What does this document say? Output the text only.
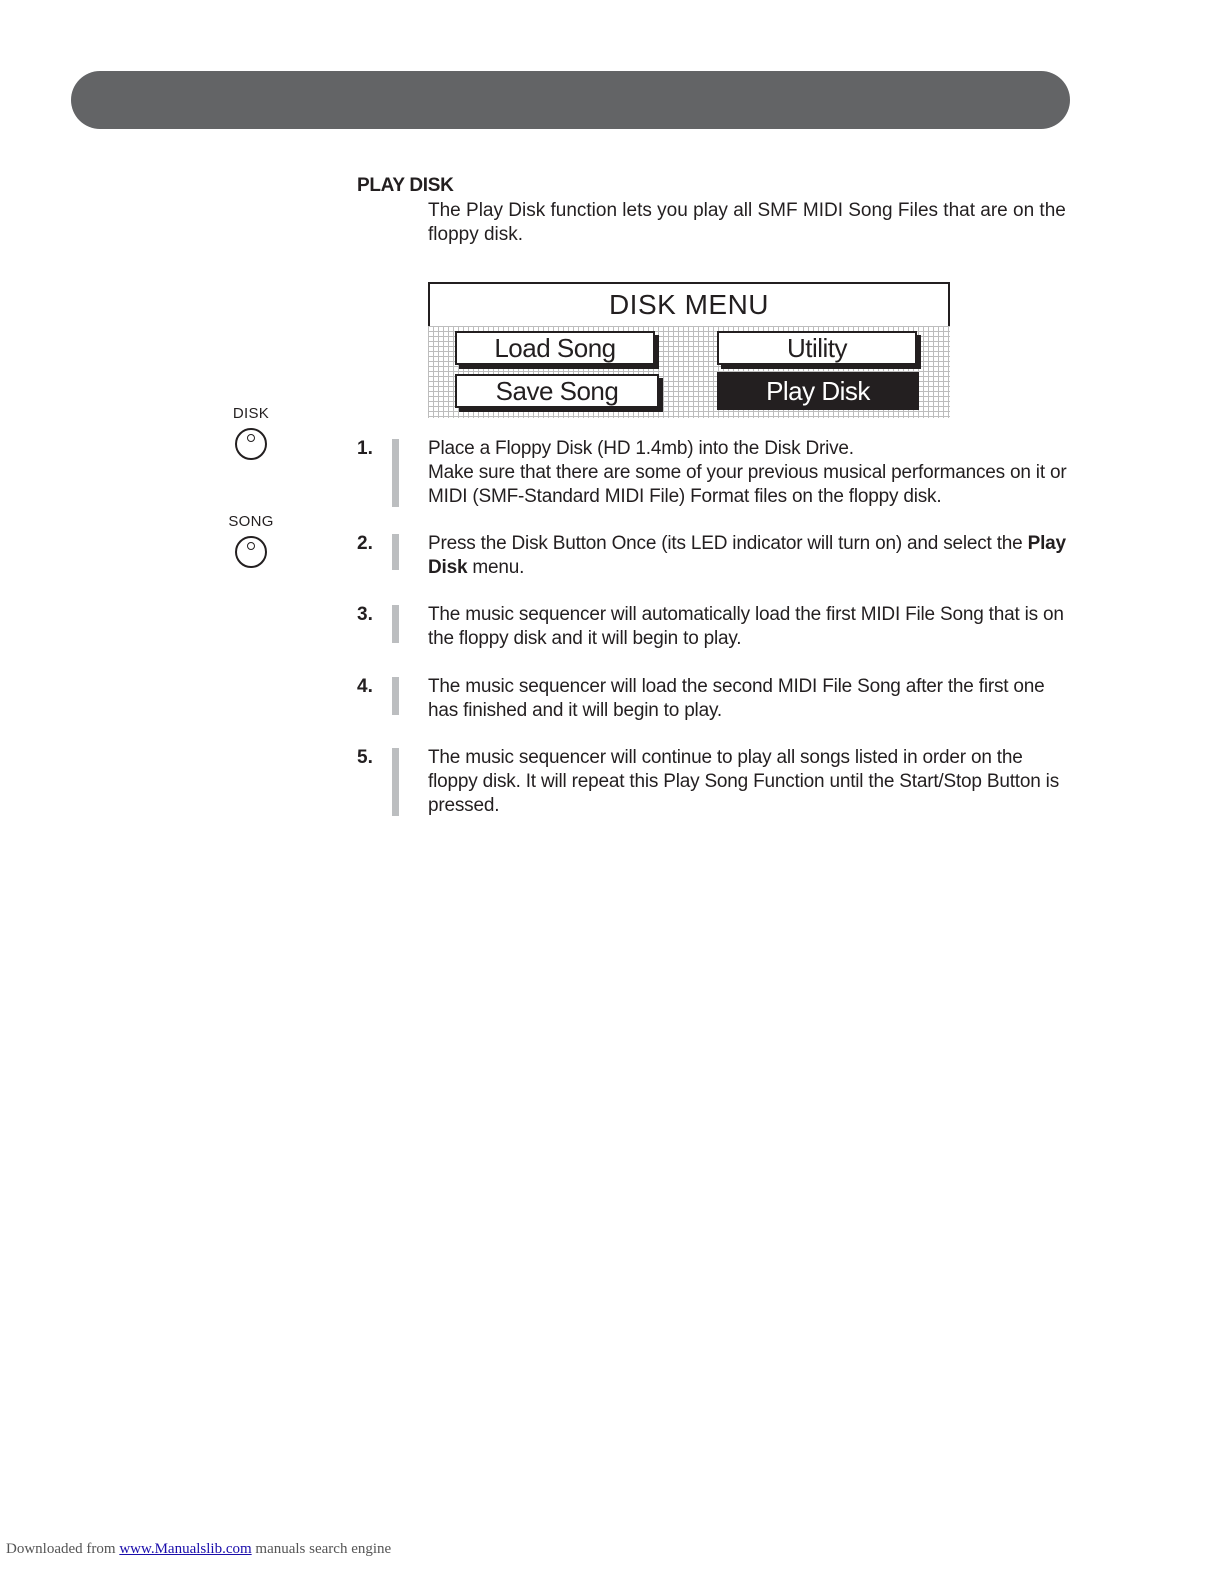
PLAY DISK

The Play Disk function lets you play all SMF MIDI Song Files that are on the floppy disk.

DISK MENU
Load Song	Utility
Save Song	Play Disk
DISK
SONG
1.	Place a Floppy Disk (HD 1.4mb) into the Disk Drive.
Make sure that there are some of your previous musical performances on it or MIDI (SMF-Standard MIDI File) Format files on the floppy disk.
2.	Press the Disk Button Once (its LED indicator will turn on) and select the Play Disk menu.
3.	The music sequencer will automatically load the first MIDI File Song that is on the floppy disk and it will begin to play.
4.	The music sequencer will load the second MIDI File Song after the first one has finished and it will begin to play.
5.	The music sequencer will continue to play all songs listed in order on the floppy disk. It will repeat this Play Song Function until the Start/Stop Button is pressed.
Downloaded from www.Manualslib.com manuals search engine
